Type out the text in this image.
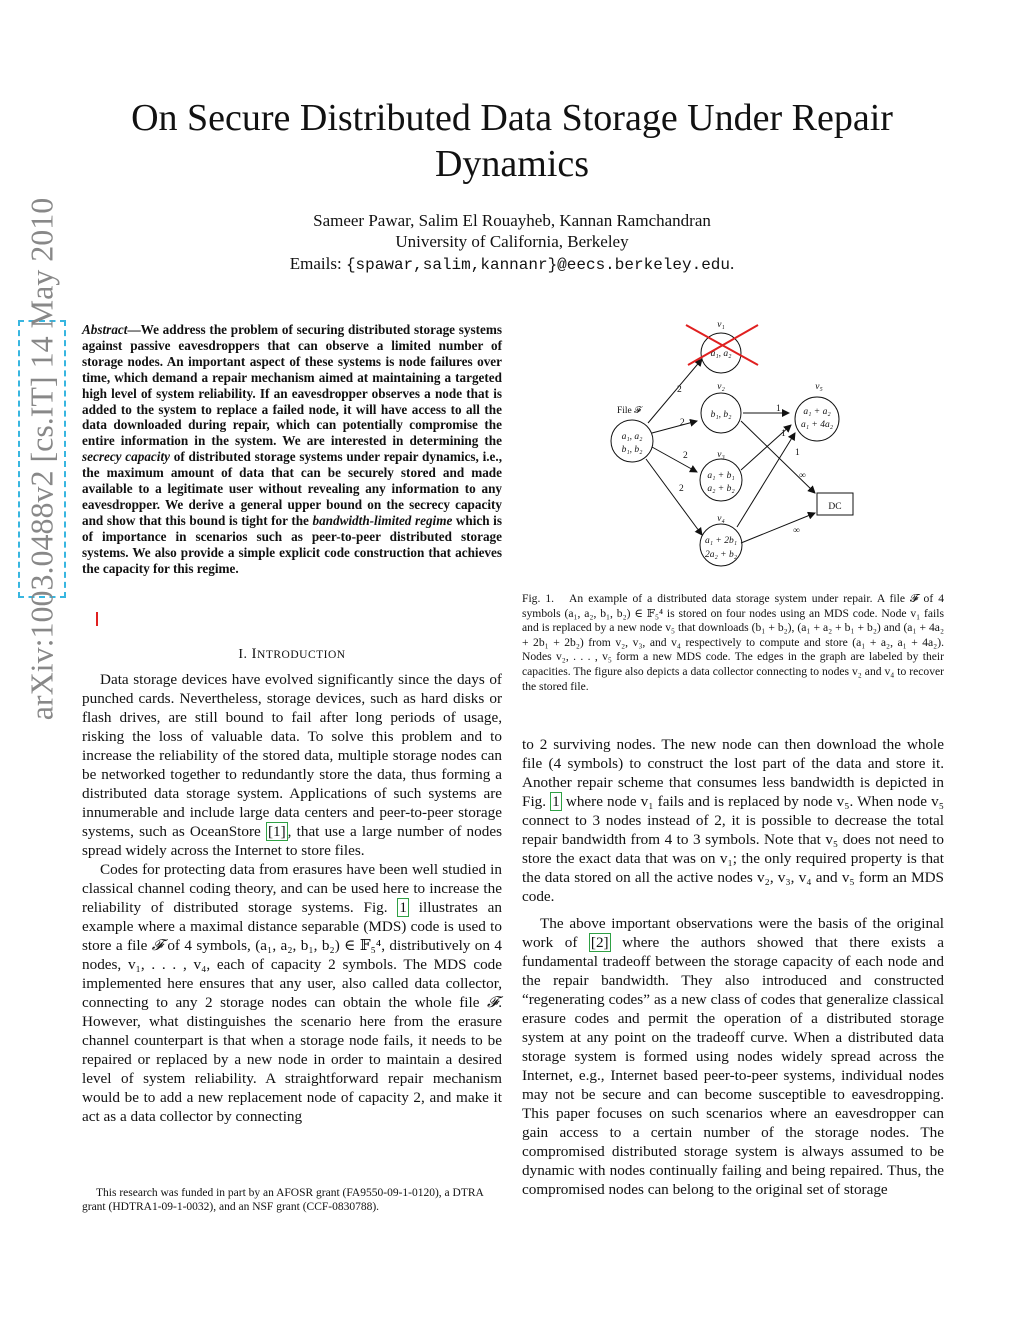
On Secure Distributed Data Storage Under Repair Dynamics
Sameer Pawar, Salim El Rouayheb, Kannan Ramchandran
University of California, Berkeley
Emails: {spawar,salim,kannanr}@eecs.berkeley.edu.
arXiv:1003.0488v2 [cs.IT] 14 May 2010 Abstract—We address the problem of securing distributed storage systems against passive eavesdroppers that can observe a limited number of storage nodes. An important aspect of these systems is node failures over time, which demand a repair mechanism aimed at maintaining a targeted high level of system reliability. If an eavesdropper observes a node that is added to the system to replace a failed node, it will have access to all the data downloaded during repair, which can potentially compromise the entire information in the system. We are interested in determining the secrecy capacity of distributed storage systems under repair dynamics, i.e., the maximum amount of data that can be securely stored and made available to a legitimate user without revealing any information to any eavesdropper. We derive a general upper bound on the secrecy capacity and show that this bound is tight for the bandwidth-limited regime which is of importance in scenarios such as peer-to-peer distributed storage systems. We also provide a simple explicit code construction that achieves the capacity for this regime.
I. INTRODUCTION

Data storage devices have evolved significantly since the days of punched cards. Nevertheless, storage devices, such as hard disks or flash drives, are still bound to fail after long periods of usage, risking the loss of valuable data. To solve this problem and to increase the reliability of the stored data, multiple storage nodes can be networked together to redundantly store the data, thus forming a distributed data storage system. Applications of such systems are innumerable and include large data centers and peer-to-peer storage systems, such as OceanStore [1] , that use a large number of nodes spread widely across the Internet to store files.

Codes for protecting data from erasures have been well studied in classical channel coding theory, and can be used here to increase the reliability of distributed storage systems. Fig. 1 illustrates an example where a maximal distance separable (MDS) code is used to store a file 𝓕 of 4 symbols, (a₁, a₂, b₁, b₂) ∈ 𝔽₅⁴, distributively on 4 nodes, v₁, . . . , v₄, each of capacity 2 symbols. The MDS code implemented here ensures that any user, also called data collector, connecting to any 2 storage nodes can obtain the whole file 𝓕. However, what distinguishes the scenario here from the erasure channel counterpart is that when a storage node fails, it needs to be repaired or replaced by a new node in order to maintain a desired level of system reliability. A straightforward repair mechanism would be to add a new replacement node of capacity 2, and make it act as a data collector by connecting

This research was funded in part by an AFOSR grant (FA9550-09-1-0120), a DTRA grant (HDTRA1-09-1-0032), and an NSF grant (CCF-0830788).
File 𝓕
a₁, a₂
b₁, b₂
v₁
a₁, a₂
v₂
b₁, b₂
v₃
a₁ + b₁
a₂ + b₂
v₄
a₁ + 2b₁
2a₂ + b₂
v₅
a₁ + a₂
a₁ + 4a₂
DC
2
2
2
2
1
1
1
∞
∞
Fig. 1. An example of a distributed data storage system under repair. A file 𝓕 of 4 symbols (a₁, a₂, b₁, b₂) ∈ 𝔽₅⁴ is stored on four nodes using an MDS code. Node v₁ fails and is replaced by a new node v₅ that downloads (b₁ + b₂), (a₁ + a₂ + b₁ + b₂) and (a₁ + 4a₂ + 2b₁ + 2b₂) from v₂, v₃, and v₄ respectively to compute and store (a₁ + a₂, a₁ + 4a₂). Nodes v₂, . . . , v₅ form a new MDS code. The edges in the graph are labeled by their capacities. The figure also depicts a data collector connecting to nodes v₂ and v₄ to recover the stored file.

to 2 surviving nodes. The new node can then download the whole file (4 symbols) to construct the lost part of the data and store it. Another repair scheme that consumes less bandwidth is depicted in Fig. 1 where node v₁ fails and is replaced by node v₅. When node v₅ connect to 3 nodes instead of 2, it is possible to decrease the total repair bandwidth from 4 to 3 symbols. Note that v₅ does not need to store the exact data that was on v₁; the only required property is that the data stored on all the active nodes v₂, v₃, v₄ and v₅ form an MDS code.

The above important observations were the basis of the original work of [2] where the authors showed that there exists a fundamental tradeoff between the storage capacity of each node and the repair bandwidth. They also introduced and constructed “regenerating codes” as a new class of codes that generalize classical erasure codes and permit the operation of a distributed storage system at any point on the tradeoff curve. When a distributed data storage system is formed using nodes widely spread across the Internet, e.g., Internet based peer-to-peer systems, individual nodes may not be secure and can become susceptible to eavesdropping. This paper focuses on such scenarios where an eavesdropper can gain access to a certain number of the storage nodes. The compromised distributed storage system is always assumed to be dynamic with nodes continually failing and being repaired. Thus, the compromised nodes can belong to the original set of storage
